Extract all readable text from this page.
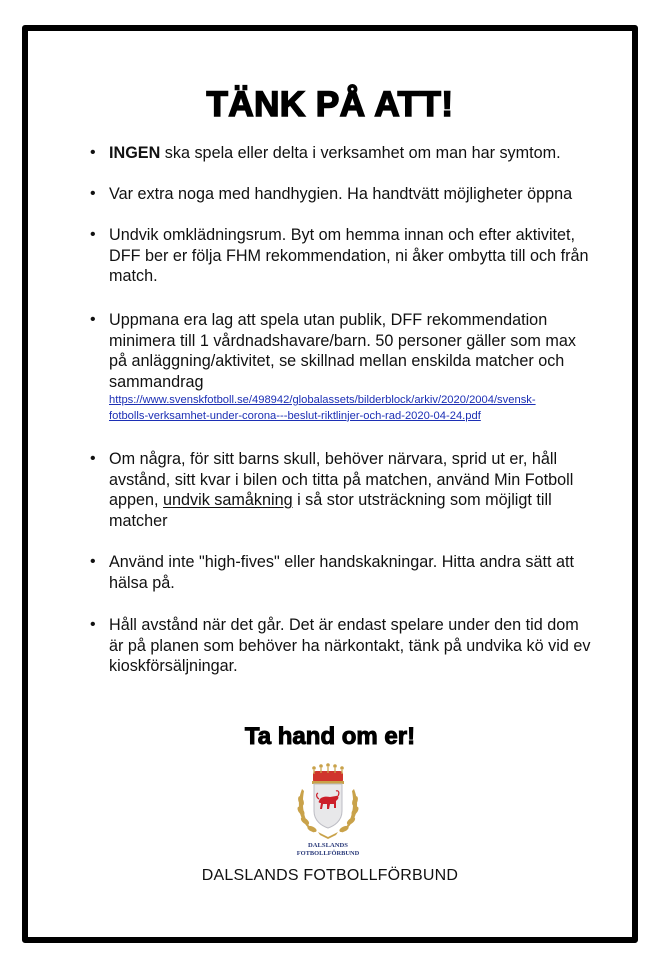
TÄNK PÅ ATT!
• INGEN ska spela eller delta i verksamhet om man har symtom.
• Var extra noga med handhygien. Ha handtvätt möjligheter öppna
• Undvik omklädningsrum. Byt om hemma innan och efter aktivitet,
DFF ber er följa FHM rekommendation, ni åker ombytta till och från
match.
• Uppmana era lag att spela utan publik, DFF rekommendation
minimera till 1 vårdnadshavare/barn. 50 personer gäller som max
på anläggning/aktivitet, se skillnad mellan enskilda matcher och
sammandrag
https://www.svenskfotboll.se/498942/globalassets/bilderblock/arkiv/2020/2004/svensk-
fotbolls-verksamhet-under-corona---beslut-riktlinjer-och-rad-2020-04-24.pdf
• Om några, för sitt barns skull, behöver närvara, sprid ut er, håll
avstånd, sitt kvar i bilen och titta på matchen, använd Min Fotboll
appen, undvik samåkning i så stor utsträckning som möjligt till
matcher
• Använd inte "high-fives" eller handskakningar. Hitta andra sätt att
hälsa på.
• Håll avstånd när det går. Det är endast spelare under den tid dom
är på planen som behöver ha närkontakt, tänk på undvika kö vid ev
kioskförsäljningar.
Ta hand om er!
DALSLANDS
FOTBOLLFÖRBUND
DALSLANDS FOTBOLLFÖRBUND
